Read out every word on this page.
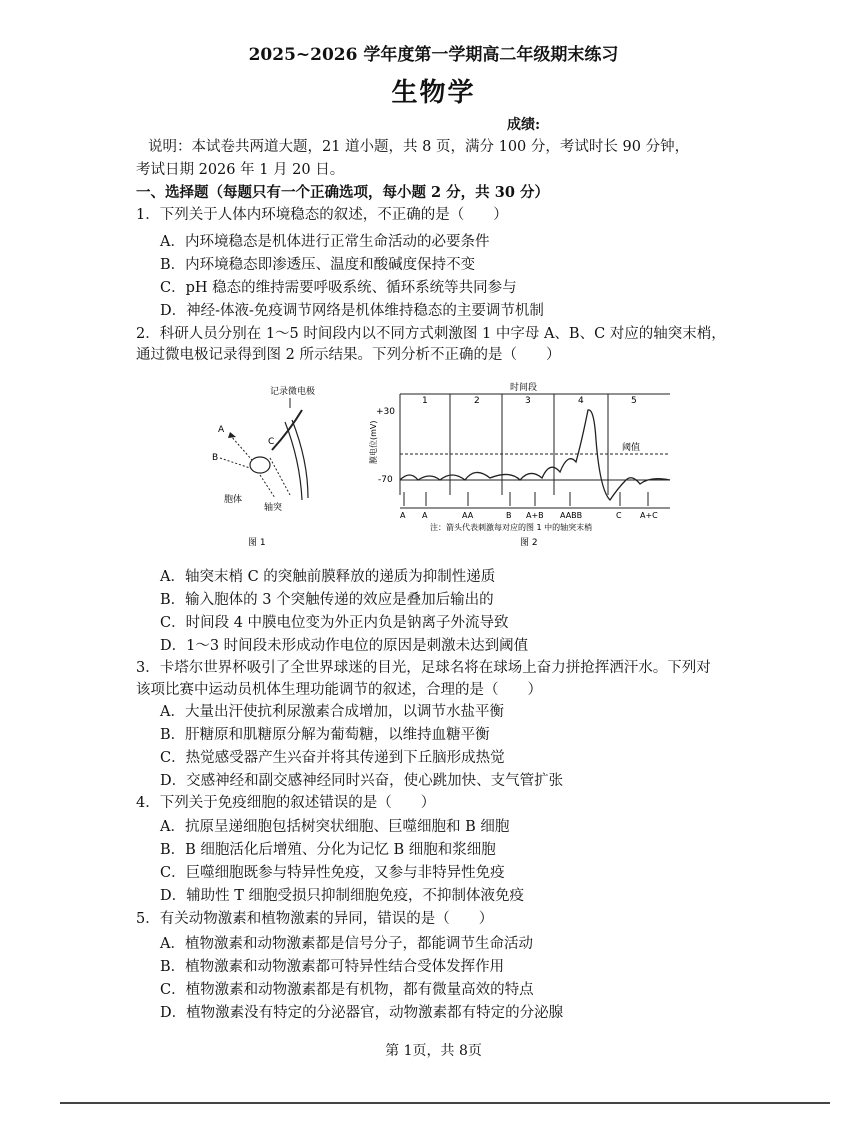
2025~2026 学年度第一学期高二年级期末练习
生物学
成绩:
说明：本试卷共两道大题，21 道小题，共 8 页，满分 100 分，考试时长 90 分钟，
考试日期 2026 年 1 月 20 日。
一、选择题（每题只有一个正确选项，每小题 2 分，共 30 分）
1．下列关于人体内环境稳态的叙述，不正确的是（　　）
A．内环境稳态是机体进行正常生命活动的必要条件
B．内环境稳态即渗透压、温度和酸碱度保持不变
C．pH 稳态的维持需要呼吸系统、循环系统等共同参与
D．神经-体液-免疫调节网络是机体维持稳态的主要调节机制
2．科研人员分别在 1～5 时间段内以不同方式刺激图 1 中字母 A、B、C 对应的轴突末梢，
通过微电极记录得到图 2 所示结果。下列分析不正确的是（　　）
记录微电极
A
B
C
胞体
轴突
图 1
时间段
1	2	3	4	5
+30
-70
膜电位(mV)	阈值
A A	AA	B A+B AABB	C A+C
注：箭头代表刺激每对应的图 1 中的轴突末梢
图 2
A．轴突末梢 C 的突触前膜释放的递质为抑制性递质
B．输入胞体的 3 个突触传递的效应是叠加后输出的
C．时间段 4 中膜电位变为外正内负是钠离子外流导致
D．1～3 时间段未形成动作电位的原因是刺激未达到阈值
3．卡塔尔世界杯吸引了全世界球迷的目光，足球名将在球场上奋力拼抢挥洒汗水。下列对
该项比赛中运动员机体生理功能调节的叙述，合理的是（　　）
A．大量出汗使抗利尿激素合成增加，以调节水盐平衡
B．肝糖原和肌糖原分解为葡萄糖，以维持血糖平衡
C．热觉感受器产生兴奋并将其传递到下丘脑形成热觉
D．交感神经和副交感神经同时兴奋，使心跳加快、支气管扩张
4．下列关于免疫细胞的叙述错误的是（　　）
A．抗原呈递细胞包括树突状细胞、巨噬细胞和 B 细胞
B．B 细胞活化后增殖、分化为记忆 B 细胞和浆细胞
C．巨噬细胞既参与特异性免疫，又参与非特异性免疫
D．辅助性 T 细胞受损只抑制细胞免疫，不抑制体液免疫
5．有关动物激素和植物激素的异同，错误的是（　　）
A．植物激素和动物激素都是信号分子，都能调节生命活动
B．植物激素和动物激素都可特异性结合受体发挥作用
C．植物激素和动物激素都是有机物，都有微量高效的特点
D．植物激素没有特定的分泌器官，动物激素都有特定的分泌腺
第 1页，共 8页
